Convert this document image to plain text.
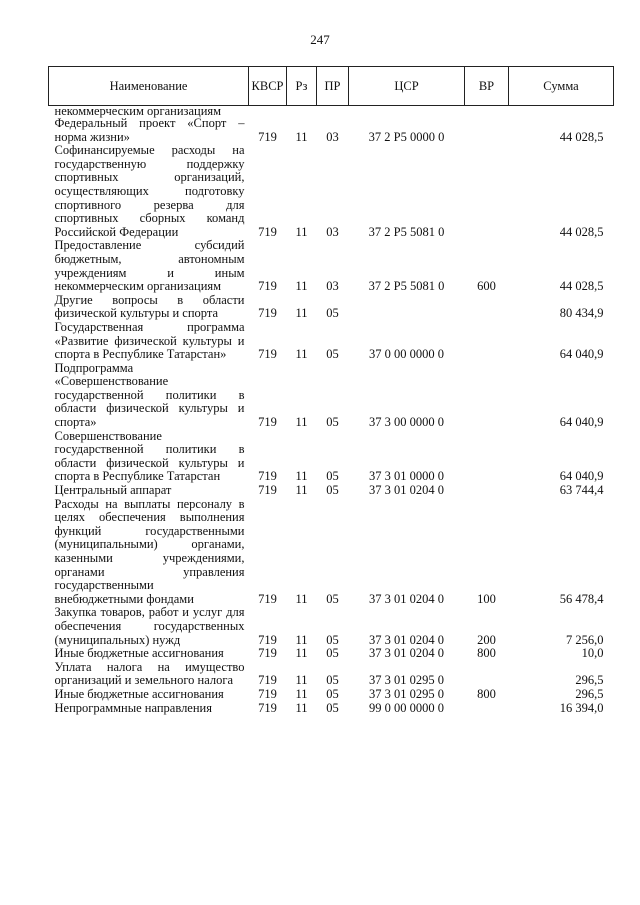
247
Наименование	КВСР	Рз	ПР	ЦСР	ВР	Сумма
некоммерческим организациям						
Федеральный проект «Спорт – норма жизни»	719	11	03	37 2 P5 0000 0		44 028,5
Софинансируемые расходы на государственную поддержку спортивных организаций, осуществляющих подготовку спортивного резерва для спортивных сборных команд Российской Федерации	719	11	03	37 2 P5 5081 0		44 028,5
Предоставление субсидий бюджетным, автономным учреждениям и иным некоммерческим организациям	719	11	03	37 2 P5 5081 0	600	44 028,5
Другие вопросы в области физической культуры и спорта	719	11	05			80 434,9
Государственная программа «Развитие физической культуры и спорта в Республике Татарстан»	719	11	05	37 0 00 0000 0		64 040,9
Подпрограмма «Совершенствование государственной политики в области физической культуры и спорта»	719	11	05	37 3 00 0000 0		64 040,9
Совершенствование государственной политики в области физической культуры и спорта в Республике Татарстан	719	11	05	37 3 01 0000 0		64 040,9
Центральный аппарат	719	11	05	37 3 01 0204 0		63 744,4
Расходы на выплаты персоналу в целях обеспечения выполнения функций государственными (муниципальными) органами, казенными учреждениями, органами управления государственными внебюджетными фондами	719	11	05	37 3 01 0204 0	100	56 478,4
Закупка товаров, работ и услуг для обеспечения государственных (муниципальных) нужд	719	11	05	37 3 01 0204 0	200	7 256,0
Иные бюджетные ассигнования	719	11	05	37 3 01 0204 0	800	10,0
Уплата налога на имущество организаций и земельного налога	719	11	05	37 3 01 0295 0		296,5
Иные бюджетные ассигнования	719	11	05	37 3 01 0295 0	800	296,5
Непрограммные направления	719	11	05	99 0 00 0000 0		16 394,0
